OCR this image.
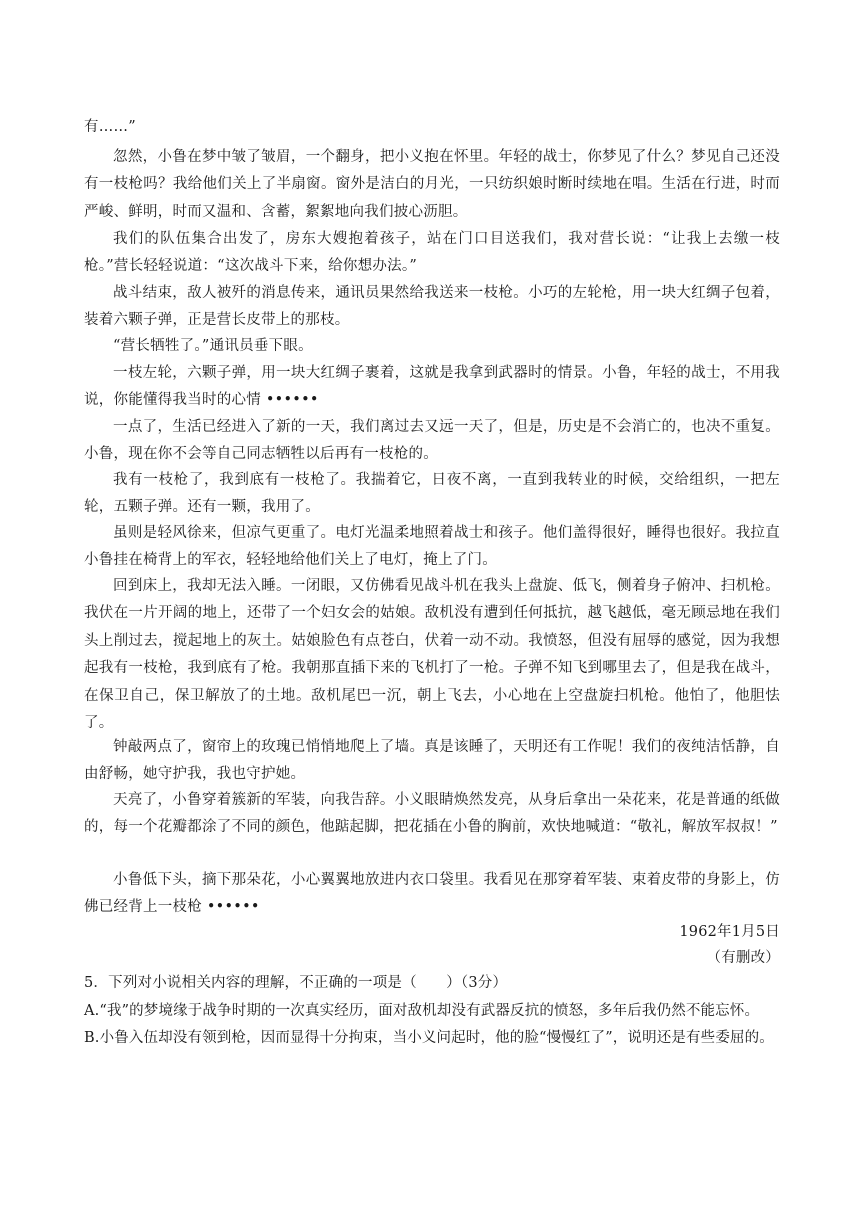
有……”
忽然，小鲁在梦中皱了皱眉，一个翻身，把小义抱在怀里。年轻的战士，你梦见了什么？梦见自己还没有一枝枪吗？我给他们关上了半扇窗。窗外是洁白的月光，一只纺织娘时断时续地在唱。生活在行进，时而严峻、鲜明，时而又温和、含蓄，絮絮地向我们披心沥胆。
我们的队伍集合出发了，房东大嫂抱着孩子，站在门口目送我们，我对营长说：“让我上去缴一枝枪。”营长轻轻说道：“这次战斗下来，给你想办法。”
战斗结束，敌人被歼的消息传来，通讯员果然给我送来一枝枪。小巧的左轮枪，用一块大红绸子包着，装着六颗子弹，正是营长皮带上的那枝。
“营长牺牲了。”通讯员垂下眼。
一枝左轮，六颗子弹，用一块大红绸子裹着，这就是我拿到武器时的情景。小鲁，年轻的战士，不用我说，你能懂得我当时的心情 ••••••
一点了，生活已经进入了新的一天，我们离过去又远一天了，但是，历史是不会消亡的，也决不重复。小鲁，现在你不会等自己同志牺牲以后再有一枝枪的。
我有一枝枪了，我到底有一枝枪了。我揣着它，日夜不离，一直到我转业的时候，交给组织，一把左轮，五颗子弹。还有一颗，我用了。
虽则是轻风徐来，但凉气更重了。电灯光温柔地照着战士和孩子。他们盖得很好，睡得也很好。我拉直小鲁挂在椅背上的军衣，轻轻地给他们关上了电灯，掩上了门。
回到床上，我却无法入睡。一闭眼，又仿佛看见战斗机在我头上盘旋、低飞，侧着身子俯冲、扫机枪。我伏在一片开阔的地上，还带了一个妇女会的姑娘。敌机没有遭到任何抵抗，越飞越低，毫无顾忌地在我们头上削过去，搅起地上的灰土。姑娘脸色有点苍白，伏着一动不动。我愤怒，但没有屈辱的感觉，因为我想起我有一枝枪，我到底有了枪。我朝那直插下来的飞机打了一枪。子弹不知飞到哪里去了，但是我在战斗，在保卫自己，保卫解放了的土地。敌机尾巴一沉，朝上飞去，小心地在上空盘旋扫机枪。他怕了，他胆怯了。
钟敲两点了，窗帘上的玫瑰已悄悄地爬上了墙。真是该睡了，天明还有工作呢！我们的夜纯洁恬静，自由舒畅，她守护我，我也守护她。
天亮了，小鲁穿着簇新的军装，向我告辞。小义眼睛焕然发亮，从身后拿出一朵花来，花是普通的纸做的，每一个花瓣都涂了不同的颜色，他踮起脚，把花插在小鲁的胸前，欢快地喊道：“敬礼，解放军叔叔！”
小鲁低下头，摘下那朵花，小心翼翼地放进内衣口袋里。我看见在那穿着军装、束着皮带的身影上，仿佛已经背上一枝枪 ••••••
1962年1月5日
（有删改）
5．下列对小说相关内容的理解，不正确的一项是（　　）（3分）
A.“我”的梦境缘于战争时期的一次真实经历，面对敌机却没有武器反抗的愤怒，多年后我仍然不能忘怀。
B.小鲁入伍却没有领到枪，因而显得十分拘束，当小义问起时，他的脸“慢慢红了”，说明还是有些委屈的。
